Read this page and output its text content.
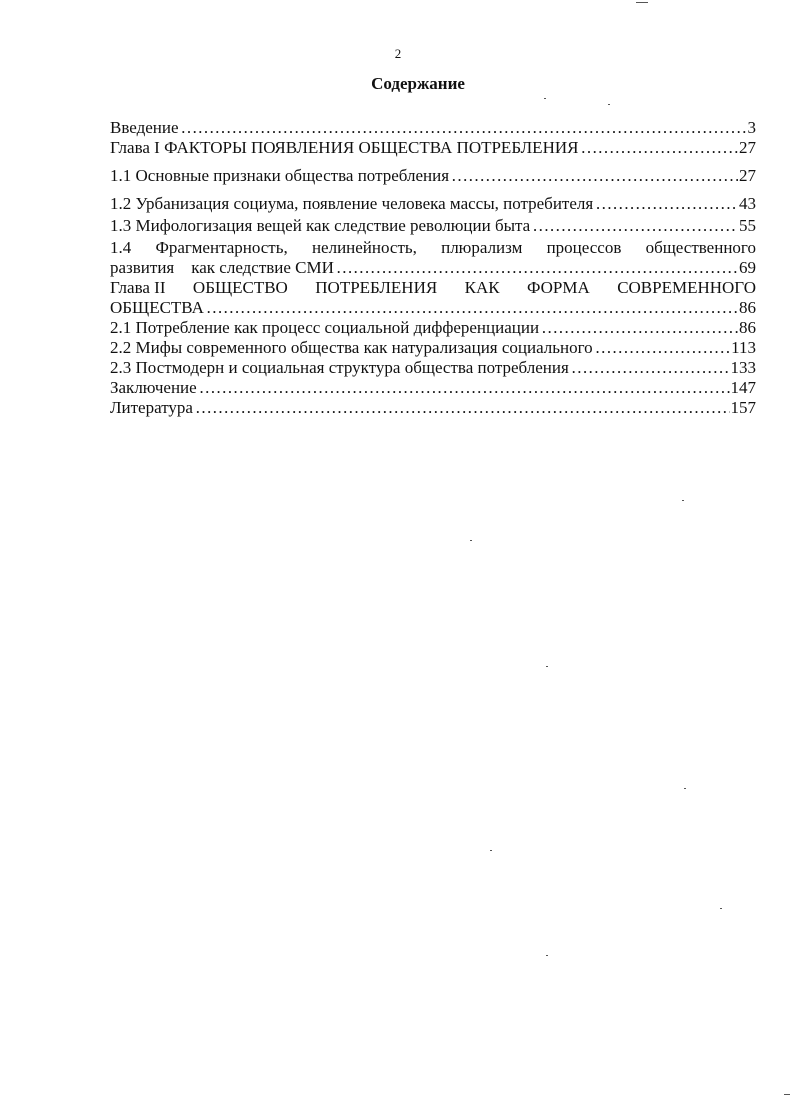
2
Содержание
Введение …………………………………………………………………………………………………………………………………………………………………………………	3
Глава I ФАКТОРЫ ПОЯВЛЕНИЯ ОБЩЕСТВА ПОТРЕБЛЕНИЯ …………………………………………………………………………………………………………………………………………………………………………………	27
1.1 Основные признаки общества потребления …………………………………………………………………………………………………………………………………………………………………………………	27
1.2 Урбанизация социума, появление человека массы, потребителя …………………………………………………………………………………………………………………………………………………………………………………	43
1.3 Мифологизация вещей как следствие революции быта …………………………………………………………………………………………………………………………………………………………………………………	55
1.4 Фрагментарность, нелинейность, плюрализм процессов общественного
развития    как следствие СМИ …………………………………………………………………………………………………………………………………………………………………………………	69
Глава II ОБЩЕСТВО ПОТРЕБЛЕНИЯ КАК ФОРМА СОВРЕМЕННОГО
ОБЩЕСТВА …………………………………………………………………………………………………………………………………………………………………………………	86
2.1 Потребление как процесс социальной дифференциации …………………………………………………………………………………………………………………………………………………………………………………	86
2.2 Мифы современного общества как натурализация социального …………………………………………………………………………………………………………………………………………………………………………………	113
2.3 Постмодерн и социальная структура общества потребления …………………………………………………………………………………………………………………………………………………………………………………	133
Заключение …………………………………………………………………………………………………………………………………………………………………………………	147
Литература …………………………………………………………………………………………………………………………………………………………………………………	157
